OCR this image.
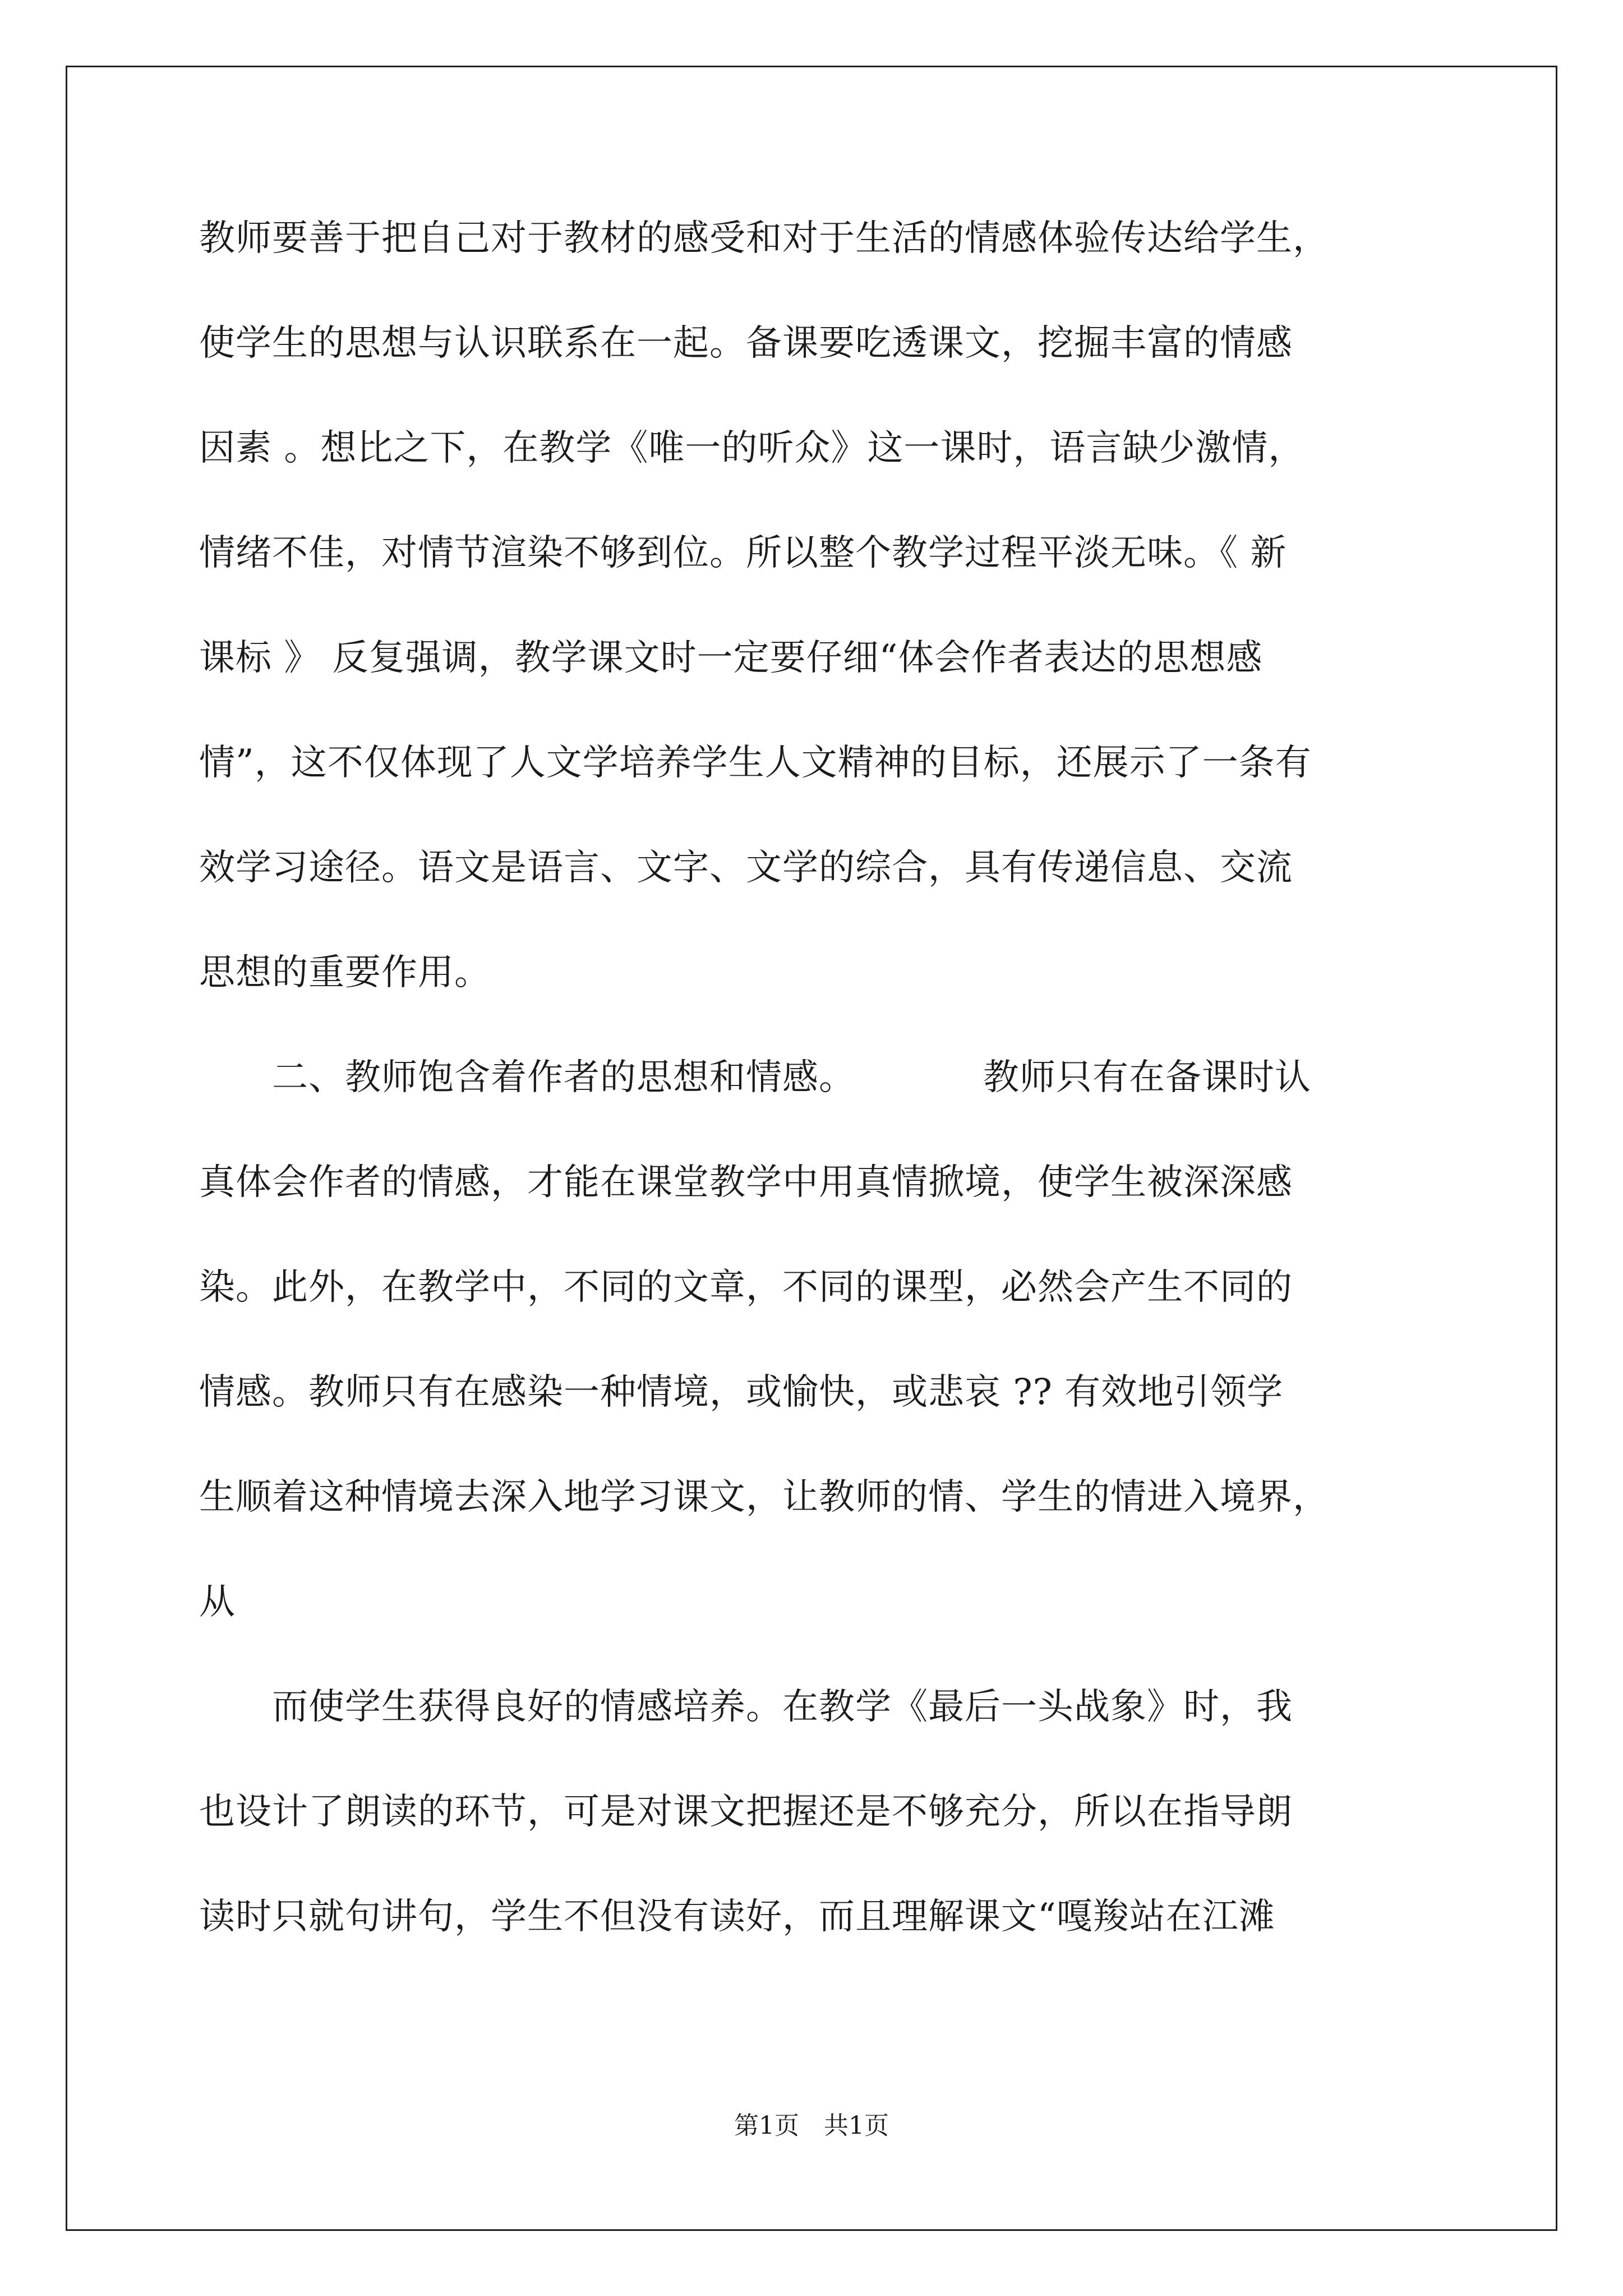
教师要善于把自己对于教材的感受和对于生活的情感体验传达给学生，
使学生的思想与认识联系在一起。备课要吃透课文，挖掘丰富的情感
因素 。想比之下，在教学《唯一的听众》这一课时，语言缺少激情，
情绪不佳，对情节渲染不够到位。所以整个教学过程平淡无味。《 新
课标 》 反复强调，教学课文时一定要仔细“体会作者表达的思想感
情”，这不仅体现了人文学培养学生人文精神的目标，还展示了一条有
效学习途径。语文是语言、文字、文学的综合，具有传递信息、交流
思想的重要作用。
　　二、教师饱含着作者的思想和情感。　　　　教师只有在备课时认
真体会作者的情感，才能在课堂教学中用真情掀境，使学生被深深感
染。此外，在教学中，不同的文章，不同的课型，必然会产生不同的
情感。教师只有在感染一种情境，或愉快，或悲哀 ?? 有效地引领学
生顺着这种情境去深入地学习课文，让教师的情、学生的情进入境界，
从
　　而使学生获得良好的情感培养。在教学《最后一头战象》时，我
也设计了朗读的环节，可是对课文把握还是不够充分，所以在指导朗
读时只就句讲句，学生不但没有读好，而且理解课文“嘎羧站在江滩
第1页　共1页
